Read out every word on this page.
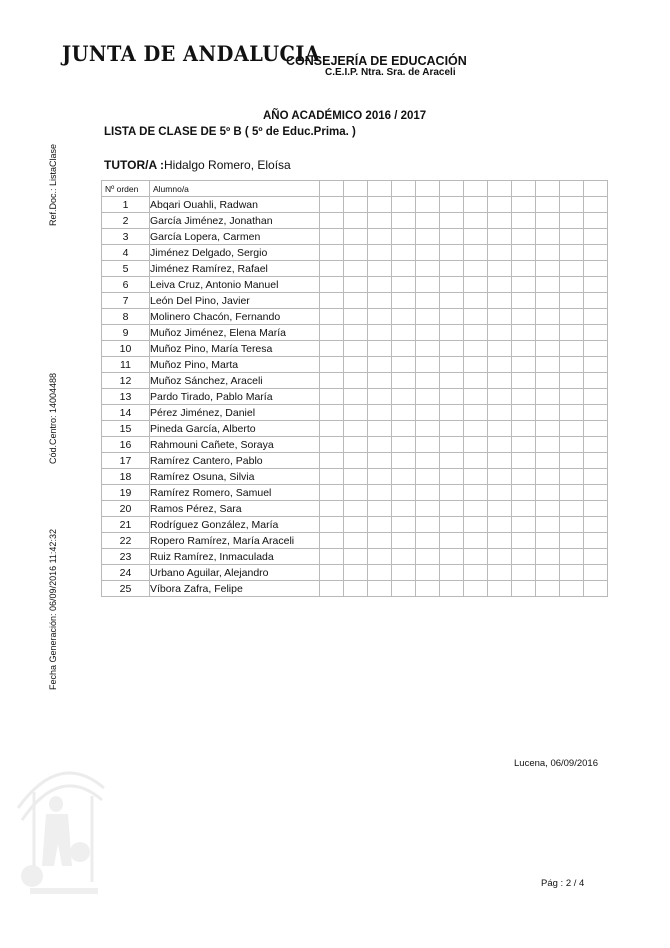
JUNTA DE ANDALUCIA
CONSEJERÍA DE EDUCACIÓN
C.E.I.P. Ntra. Sra. de Araceli
AÑO ACADÉMICO 2016 / 2017
LISTA DE CLASE DE 5º B ( 5º de Educ.Prima. )
TUTOR/A :Hidalgo Romero, Eloísa
Ref.Doc.: ListaClase
Cód.Centro: 14004488
Fecha Generación: 06/09/2016 11:42:32
Nº orden	Alumno/a												
1	Abqari Ouahli, Radwan												
2	García Jiménez, Jonathan												
3	García Lopera, Carmen												
4	Jiménez Delgado, Sergio												
5	Jiménez Ramírez, Rafael												
6	Leiva Cruz, Antonio Manuel												
7	León Del Pino, Javier												
8	Molinero Chacón, Fernando												
9	Muñoz Jiménez, Elena María												
10	Muñoz Pino, María Teresa												
11	Muñoz Pino, Marta												
12	Muñoz Sánchez, Araceli												
13	Pardo Tirado, Pablo María												
14	Pérez Jiménez, Daniel												
15	Pineda García, Alberto												
16	Rahmouni Cañete, Soraya												
17	Ramírez Cantero, Pablo												
18	Ramírez Osuna, Silvia												
19	Ramírez Romero, Samuel												
20	Ramos Pérez, Sara												
21	Rodríguez González, María												
22	Ropero Ramírez, María Araceli												
23	Ruiz Ramírez, Inmaculada												
24	Urbano Aguilar, Alejandro												
25	Víbora Zafra, Felipe												
Lucena, 06/09/2016
Pág : 2 / 4
